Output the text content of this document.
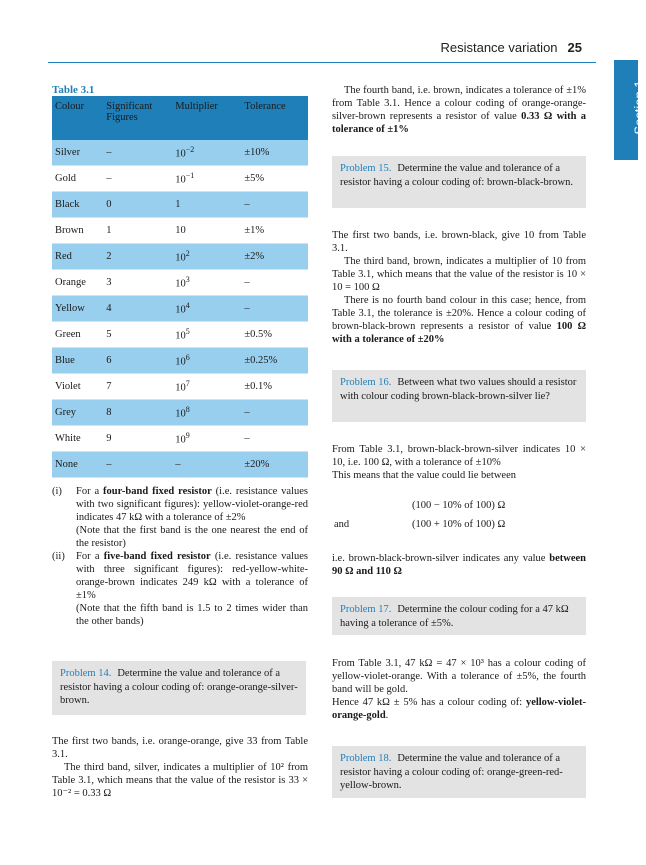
Resistance variation 25
Section 1
Table 3.1
Colour	Significant Figures	Multiplier	Tolerance
Silver	–	$10^{-2}$	±10%
Gold	–	$10^{-1}$	±5%
Black	0	1	–
Brown	1	10	±1%
Red	2	$10^2$	±2%
Orange	3	$10^3$	–
Yellow	4	$10^4$	–
Green	5	$10^5$	±0.5%
Blue	6	$10^6$	±0.25%
Violet	7	$10^7$	±0.1%
Grey	8	$10^8$	–
White	9	$10^9$	–
None	–	–	±20%
(i) For a four-band fixed resistor (i.e. resistance values with two significant figures): yellow-violet-orange-red indicates 47 kΩ with a tolerance of ±2%
(Note that the first band is the one nearest the end of the resistor)
(ii) For a five-band fixed resistor (i.e. resistance values with three significant figures): red-yellow-white-orange-brown indicates 249 kΩ with a tolerance of ±1%
(Note that the fifth band is 1.5 to 2 times wider than the other bands)
Problem 14. Determine the value and tolerance of a resistor having a colour coding of: orange-orange-silver-brown.
The first two bands, i.e. orange-orange, give 33 from Table 3.1.
The third band, silver, indicates a multiplier of 10² from Table 3.1, which means that the value of the resistor is 33 × 10⁻² = 0.33 Ω
The fourth band, i.e. brown, indicates a tolerance of ±1% from Table 3.1. Hence a colour coding of orange-orange-silver-brown represents a resistor of value 0.33 Ω with a tolerance of ±1%
Problem 15. Determine the value and tolerance of a resistor having a colour coding of: brown-black-brown.
The first two bands, i.e. brown-black, give 10 from Table 3.1.
The third band, brown, indicates a multiplier of 10 from Table 3.1, which means that the value of the resistor is 10 × 10 = 100 Ω
There is no fourth band colour in this case; hence, from Table 3.1, the tolerance is ±20%. Hence a colour coding of brown-black-brown represents a resistor of value 100 Ω with a tolerance of ±20%
Problem 16. Between what two values should a resistor with colour coding brown-black-brown-silver lie?
From Table 3.1, brown-black-brown-silver indicates 10 × 10, i.e. 100 Ω, with a tolerance of ±10%
This means that the value could lie between
(100 − 10% of 100) Ω
and	(100 + 10% of 100) Ω
i.e. brown-black-brown-silver indicates any value between 90 Ω and 110 Ω
Problem 17. Determine the colour coding for a 47 kΩ having a tolerance of ±5%.
From Table 3.1, 47 kΩ = 47 × 10³ has a colour coding of yellow-violet-orange. With a tolerance of ±5%, the fourth band will be gold.
Hence 47 kΩ ± 5% has a colour coding of: yellow-violet-orange-gold.
Problem 18. Determine the value and tolerance of a resistor having a colour coding of: orange-green-red-yellow-brown.
